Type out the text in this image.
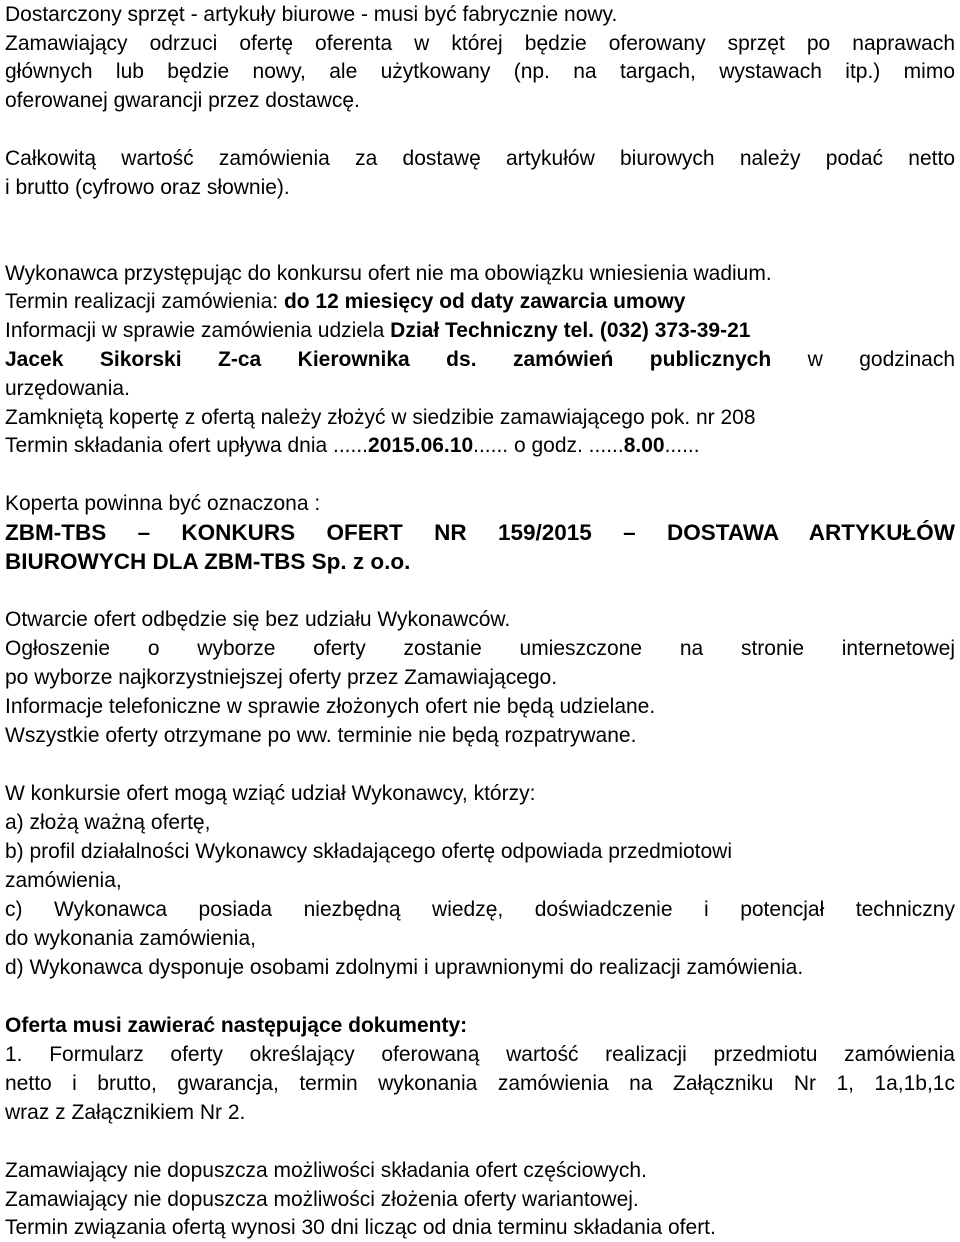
Dostarczony sprzęt - artykuły biurowe - musi być fabrycznie nowy.
Zamawiający odrzuci ofertę oferenta w której będzie oferowany sprzęt po naprawach
głównych lub będzie nowy, ale użytkowany (np. na targach, wystawach itp.) mimo
oferowanej gwarancji przez dostawcę.
Całkowitą wartość zamówienia za dostawę artykułów biurowych należy podać netto
i brutto (cyfrowo oraz słownie).
Wykonawca przystępując do konkursu ofert nie ma obowiązku wniesienia wadium.
Termin realizacji zamówienia: do 12 miesięcy od daty zawarcia umowy
Informacji w sprawie zamówienia udziela Dział Techniczny tel. (032) 373-39-21
Jacek Sikorski Z-ca Kierownika ds. zamówień publicznych w godzinach
urzędowania.
Zamkniętą kopertę z ofertą należy złożyć w siedzibie zamawiającego pok. nr 208
Termin składania ofert upływa dnia ......2015.06.10...... o godz. ......8.00......
Koperta powinna być oznaczona :
ZBM-TBS – KONKURS OFERT NR 159/2015 – DOSTAWA ARTYKUŁÓW
BIUROWYCH DLA ZBM-TBS Sp. z o.o.
Otwarcie ofert odbędzie się bez udziału Wykonawców.
Ogłoszenie o wyborze oferty zostanie umieszczone na stronie internetowej
po wyborze najkorzystniejszej oferty przez Zamawiającego.
Informacje telefoniczne w sprawie złożonych ofert nie będą udzielane.
Wszystkie oferty otrzymane po ww. terminie nie będą rozpatrywane.
W konkursie ofert mogą wziąć udział Wykonawcy, którzy:
a) złożą ważną ofertę,
b) profil działalności Wykonawcy składającego ofertę odpowiada przedmiotowi
zamówienia,
c) Wykonawca posiada niezbędną wiedzę, doświadczenie i potencjał techniczny
do wykonania zamówienia,
d) Wykonawca dysponuje osobami zdolnymi i uprawnionymi do realizacji zamówienia.
Oferta musi zawierać następujące dokumenty:
1. Formularz oferty określający oferowaną wartość realizacji przedmiotu zamówienia
netto i brutto, gwarancja, termin wykonania zamówienia na Załączniku Nr 1, 1a,1b,1c
wraz z Załącznikiem Nr 2.
Zamawiający nie dopuszcza możliwości składania ofert częściowych.
Zamawiający nie dopuszcza możliwości złożenia oferty wariantowej.
Termin związania ofertą wynosi 30 dni licząc od dnia terminu składania ofert.
